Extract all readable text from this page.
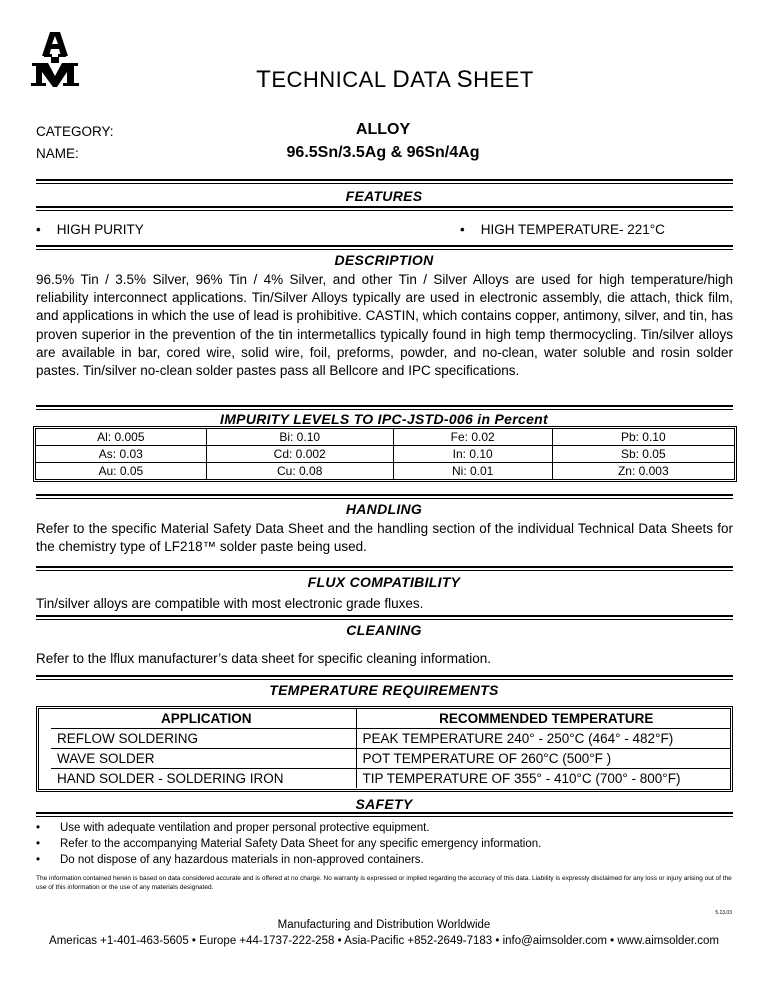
TECHNICAL DATA SHEET
CATEGORY:	ALLOY
NAME:	96.5Sn/3.5Ag & 96Sn/4Ag
FEATURES
• HIGH PURITY	• HIGH TEMPERATURE- 221°C
DESCRIPTION
96.5% Tin / 3.5% Silver, 96% Tin / 4% Silver, and other Tin / Silver Alloys are used for high temperature/high reliability interconnect applications. Tin/Silver Alloys typically are used in electronic assembly, die attach, thick film, and applications in which the use of lead is prohibitive. CASTIN, which contains copper, antimony, silver, and tin, has proven superior in the prevention of the tin intermetallics typically found in high temp thermocycling. Tin/silver alloys are available in bar, cored wire, solid wire, foil, preforms, powder, and no-clean, water soluble and rosin solder pastes. Tin/silver no-clean solder pastes pass all Bellcore and IPC specifications.
IMPURITY LEVELS TO IPC-JSTD-006 in Percent
Al: 0.005	Bi: 0.10	Fe: 0.02	Pb: 0.10
As: 0.03	Cd: 0.002	In: 0.10	Sb: 0.05
Au: 0.05	Cu: 0.08	Ni: 0.01	Zn: 0.003
HANDLING
Refer to the specific Material Safety Data Sheet and the handling section of the individual Technical Data Sheets for the chemistry type of LF218™ solder paste being used.
FLUX COMPATIBILITY
Tin/silver alloys are compatible with most electronic grade fluxes.
CLEANING
Refer to the lflux manufacturer’s data sheet for specific cleaning information.
TEMPERATURE REQUIREMENTS
APPLICATION	RECOMMENDED TEMPERATURE
REFLOW SOLDERING	PEAK TEMPERATURE 240° - 250°C (464° - 482°F)
WAVE SOLDER	POT TEMPERATURE OF 260°C (500°F )
HAND SOLDER - SOLDERING IRON	TIP TEMPERATURE OF 355° - 410°C (700° - 800°F)
SAFETY
• Use with adequate ventilation and proper personal protective equipment.
• Refer to the accompanying Material Safety Data Sheet for any specific emergency information.
• Do not dispose of any hazardous materials in non-approved containers.
The information contained herein is based on data considered accurate and is offered at no charge. No warranty is expressed or implied regarding the accuracy of this data. Liability is expressly disclaimed for any loss or injury arising out of the use of this information or the use of any materials designated.
5.13.03
Manufacturing and Distribution Worldwide
Americas +1-401-463-5605 • Europe +44-1737-222-258 • Asia-Pacific +852-2649-7183 • info@aimsolder.com • www.aimsolder.com
